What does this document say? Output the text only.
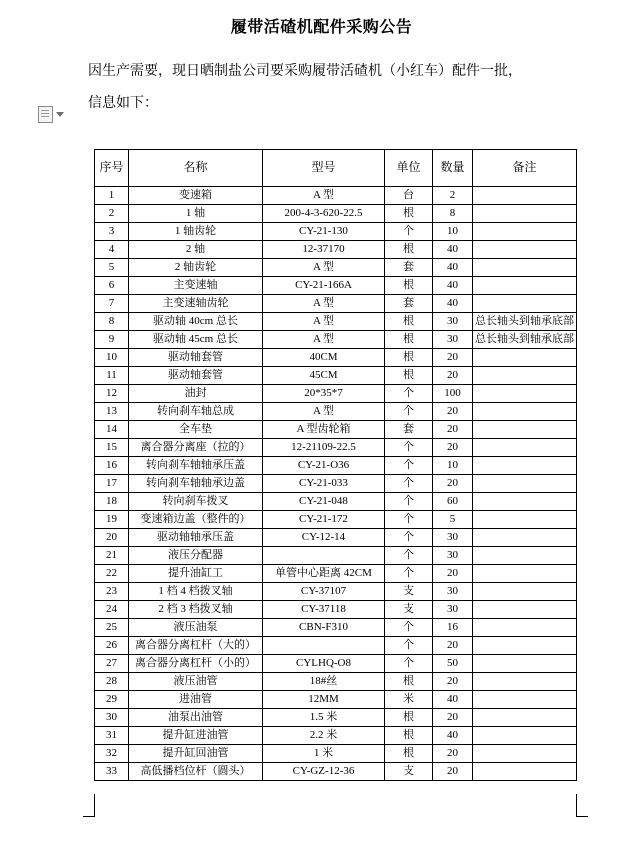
履带活碴机配件采购公告
因生产需要，现日晒制盐公司要采购履带活碴机（小红车）配件一批，
信息如下：
序号	名称	型号	单位	数量	备注
1	变速箱	A 型	台	2	
2	1 轴	200-4-3-620-22.5	根	8	
3	1 轴齿轮	CY-21-130	个	10	
4	2 轴	12-37170	根	40	
5	2 轴齿轮	A 型	套	40	
6	主变速轴	CY-21-166A	根	40	
7	主变速轴齿轮	A 型	套	40	
8	驱动轴 40cm 总长	A 型	根	30	总长轴头到轴承底部
9	驱动轴 45cm 总长	A 型	根	30	总长轴头到轴承底部
10	驱动轴套管	40CM	根	20	
11	驱动轴套管	45CM	根	20	
12	油封	20*35*7	个	100	
13	转向刹车轴总成	A 型	个	20	
14	全车垫	A 型齿轮箱	套	20	
15	离合器分离座（拉的）	12-21109-22.5	个	20	
16	转向刹车轴轴承压盖	CY-21-O36	个	10	
17	转向刹车轴轴承边盖	CY-21-033	个	20	
18	转向刹车拨叉	CY-21-048	个	60	
19	变速箱边盖（整件的）	CY-21-172	个	5	
20	驱动轴轴承压盖	CY-12-14	个	30	
21	液压分配器		个	30	
22	提升油缸工	单管中心距离 42CM	个	20	
23	1 档 4 档拨叉轴	CY-37107	支	30	
24	2 档 3 档拨叉轴	CY-37118	支	30	
25	液压油泵	CBN-F310	个	16	
26	离合器分离杠杆（大的）		个	20	
27	离合器分离杠杆（小的）	CYLHQ-O8	个	50	
28	液压油管	18#丝	根	20	
29	进油管	12MM	米	40	
30	油泵出油管	1.5 米	根	20	
31	提升缸进油管	2.2 米	根	40	
32	提升缸回油管	1 米	根	20	
33	高低播档位杆（圆头）	CY-GZ-12-36	支	20	
